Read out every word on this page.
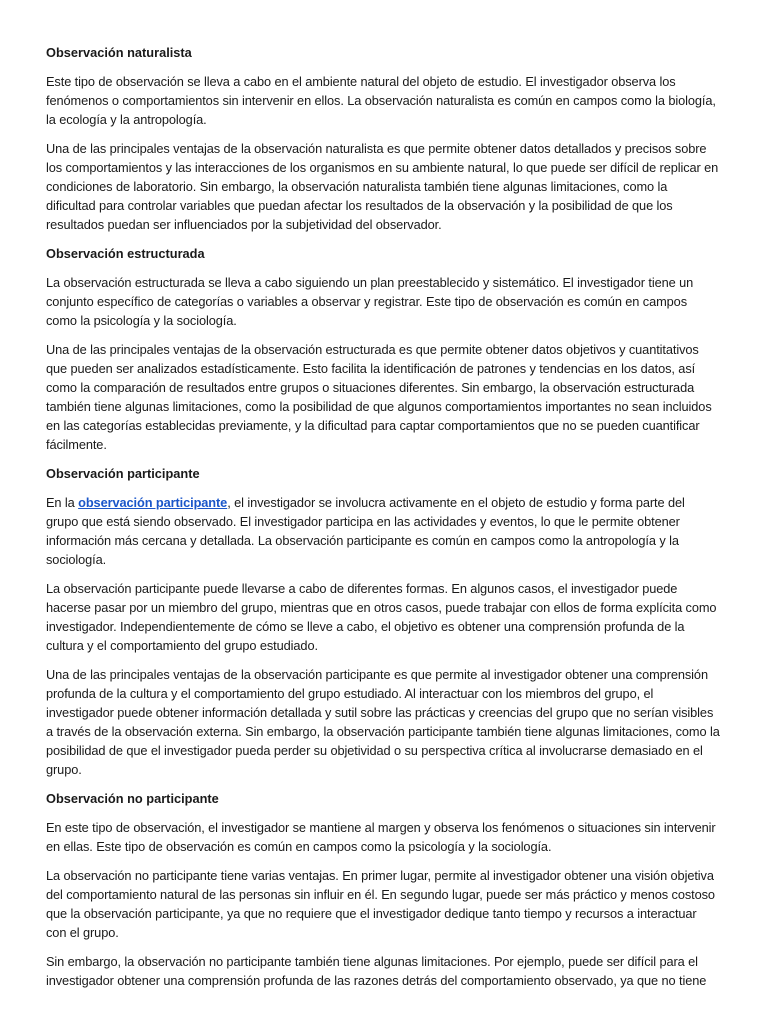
Observación naturalista

Este tipo de observación se lleva a cabo en el ambiente natural del objeto de estudio. El investigador observa los fenómenos o comportamientos sin intervenir en ellos. La observación naturalista es común en campos como la biología, la ecología y la antropología.

Una de las principales ventajas de la observación naturalista es que permite obtener datos detallados y precisos sobre los comportamientos y las interacciones de los organismos en su ambiente natural, lo que puede ser difícil de replicar en condiciones de laboratorio. Sin embargo, la observación naturalista también tiene algunas limitaciones, como la dificultad para controlar variables que puedan afectar los resultados de la observación y la posibilidad de que los resultados puedan ser influenciados por la subjetividad del observador.

Observación estructurada

La observación estructurada se lleva a cabo siguiendo un plan preestablecido y sistemático. El investigador tiene un conjunto específico de categorías o variables a observar y registrar. Este tipo de observación es común en campos como la psicología y la sociología.

Una de las principales ventajas de la observación estructurada es que permite obtener datos objetivos y cuantitativos que pueden ser analizados estadísticamente. Esto facilita la identificación de patrones y tendencias en los datos, así como la comparación de resultados entre grupos o situaciones diferentes. Sin embargo, la observación estructurada también tiene algunas limitaciones, como la posibilidad de que algunos comportamientos importantes no sean incluidos en las categorías establecidas previamente, y la dificultad para captar comportamientos que no se pueden cuantificar fácilmente.

Observación participante

En la observación participante, el investigador se involucra activamente en el objeto de estudio y forma parte del grupo que está siendo observado. El investigador participa en las actividades y eventos, lo que le permite obtener información más cercana y detallada. La observación participante es común en campos como la antropología y la sociología.

La observación participante puede llevarse a cabo de diferentes formas. En algunos casos, el investigador puede hacerse pasar por un miembro del grupo, mientras que en otros casos, puede trabajar con ellos de forma explícita como investigador. Independientemente de cómo se lleve a cabo, el objetivo es obtener una comprensión profunda de la cultura y el comportamiento del grupo estudiado.

Una de las principales ventajas de la observación participante es que permite al investigador obtener una comprensión profunda de la cultura y el comportamiento del grupo estudiado. Al interactuar con los miembros del grupo, el investigador puede obtener información detallada y sutil sobre las prácticas y creencias del grupo que no serían visibles a través de la observación externa. Sin embargo, la observación participante también tiene algunas limitaciones, como la posibilidad de que el investigador pueda perder su objetividad o su perspectiva crítica al involucrarse demasiado en el grupo.

Observación no participante

En este tipo de observación, el investigador se mantiene al margen y observa los fenómenos o situaciones sin intervenir en ellas. Este tipo de observación es común en campos como la psicología y la sociología.

La observación no participante tiene varias ventajas. En primer lugar, permite al investigador obtener una visión objetiva del comportamiento natural de las personas sin influir en él. En segundo lugar, puede ser más práctico y menos costoso que la observación participante, ya que no requiere que el investigador dedique tanto tiempo y recursos a interactuar con el grupo.

Sin embargo, la observación no participante también tiene algunas limitaciones. Por ejemplo, puede ser difícil para el investigador obtener una comprensión profunda de las razones detrás del comportamiento observado, ya que no tiene
